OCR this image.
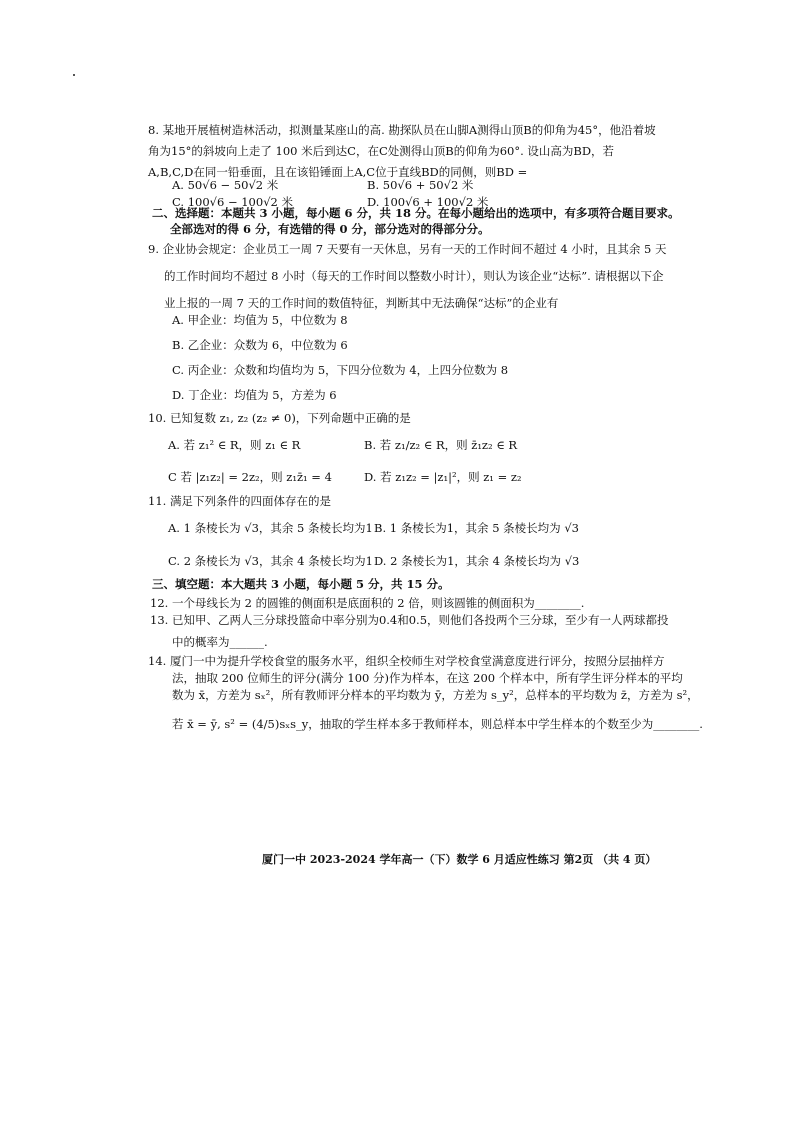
8. 某地开展植树造林活动，拟测量某座山的高. 勘探队员在山脚A测得山顶B的仰角为45°，他沿着坡
角为15°的斜坡向上走了 100 米后到达C，在C处测得山顶B的仰角为60°. 设山高为BD，若
A,B,C,D在同一铅垂面，且在该铅锤面上A,C位于直线BD的同侧，则BD =
A. 50√6 − 50√2 米	B. 50√6 + 50√2 米
C. 100√6 − 100√2 米	D. 100√6 + 100√2 米
二、选择题：本题共 3 小题，每小题 6 分，共 18 分。在每小题给出的选项中，有多项符合题目要求。
全部选对的得 6 分，有选错的得 0 分，部分选对的得部分分。
9. 企业协会规定：企业员工一周 7 天要有一天休息，另有一天的工作时间不超过 4 小时，且其余 5 天
的工作时间均不超过 8 小时（每天的工作时间以整数小时计），则认为该企业“达标”. 请根据以下企
业上报的一周 7 天的工作时间的数值特征，判断其中无法确保“达标”的企业有
A. 甲企业：均值为 5，中位数为 8
B. 乙企业：众数为 6，中位数为 6
C. 丙企业：众数和均值均为 5，下四分位数为 4，上四分位数为 8
D. 丁企业：均值为 5，方差为 6
10. 已知复数 z₁, z₂ (z₂ ≠ 0)，下列命题中正确的是
A. 若 z₁² ∈ R，则 z₁ ∈ R	B. 若 z₁/z₂ ∈ R，则 z̄₁z₂ ∈ R
C 若 |z₁z₂| = 2z₂，则 z₁z̄₁ = 4	D. 若 z₁z₂ = |z₁|²，则 z₁ = z₂
11. 满足下列条件的四面体存在的是
A. 1 条棱长为 √3，其余 5 条棱长均为1 B. 1 条棱长为1，其余 5 条棱长均为 √3
C. 2 条棱长为 √3，其余 4 条棱长均为1 D. 2 条棱长为1，其余 4 条棱长均为 √3
三、填空题：本大题共 3 小题，每小题 5 分，共 15 分。
12. 一个母线长为 2 的圆锥的侧面积是底面积的 2 倍，则该圆锥的侧面积为________.
13. 已知甲、乙两人三分球投篮命中率分别为0.4和0.5，则他们各投两个三分球，至少有一人两球都投
中的概率为______.
14. 厦门一中为提升学校食堂的服务水平，组织全校师生对学校食堂满意度进行评分，按照分层抽样方
法，抽取 200 位师生的评分(满分 100 分)作为样本，在这 200 个样本中，所有学生评分样本的平均
数为 x̄，方差为 sₓ²，所有教师评分样本的平均数为 ȳ，方差为 s_y²，总样本的平均数为 z̄，方差为 s²，
若 x̄ = ȳ, s² = (4/5)sₓs_y，抽取的学生样本多于教师样本，则总样本中学生样本的个数至少为________.
厦门一中 2023-2024 学年高一（下）数学 6 月适应性练习 第2页 （共 4 页）
